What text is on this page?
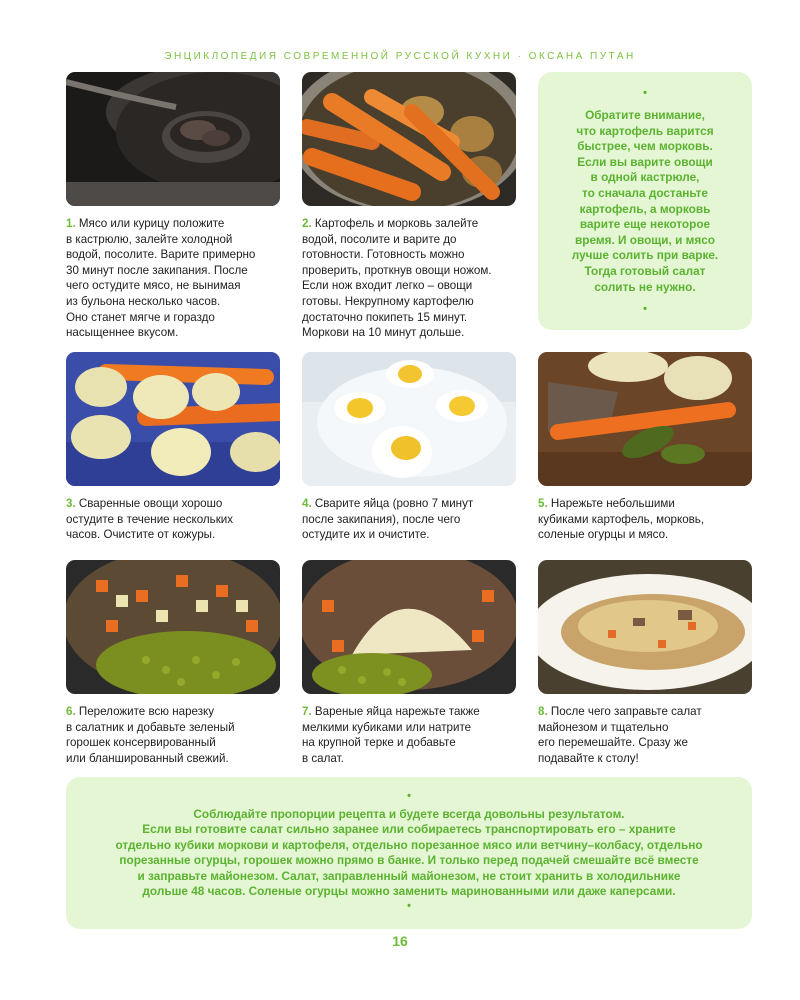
ЭНЦИКЛОПЕДИЯ СОВРЕМЕННОЙ РУССКОЙ КУХНИ · ОКСАНА ПУТАН

•

Обратите внимание,
что картофель варится
быстрее, чем морковь.
Если вы варите овощи
в одной кастрюле,
то сначала достаньте
картофель, а морковь
варите еще некоторое
время. И овощи, и мясо
лучше солить при варке.
Тогда готовый салат
солить не нужно.

•

1. Мясо или курицу положите
в кастрюлю, залейте холодной
водой, посолите. Варите примерно
30 минут после закипания. После
чего остудите мясо, не вынимая
из бульона несколько часов.
Оно станет мягче и гораздо
насыщеннее вкусом.
2. Картофель и морковь залейте
водой, посолите и варите до
готовности. Готовность можно
проверить, проткнув овощи ножом.
Если нож входит легко – овощи
готовы. Некрупному картофелю
достаточно покипеть 15 минут.
Моркови на 10 минут дольше.
3. Сваренные овощи хорошо
остудите в течение нескольких
часов. Очистите от кожуры.
4. Сварите яйца (ровно 7 минут
после закипания), после чего
остудите их и очистите.
5. Нарежьте небольшими
кубиками картофель, морковь,
соленые огурцы и мясо.
6. Переложите всю нарезку
в салатник и добавьте зеленый
горошек консервированный
или бланшированный свежий.
7. Вареные яйца нарежьте также
мелкими кубиками или натрите
на крупной терке и добавьте
в салат.
8. После чего заправьте салат
майонезом и тщательно
его перемешайте. Сразу же
подавайте к столу!

•

Соблюдайте пропорции рецепта и будете всегда довольны результатом.
Если вы готовите салат сильно заранее или собираетесь транспортировать его – храните
отдельно кубики моркови и картофеля, отдельно порезанное мясо или ветчину–колбасу, отдельно
порезанные огурцы, горошек можно прямо в банке. И только перед подачей смешайте всё вместе
и заправьте майонезом. Салат, заправленный майонезом, не стоит хранить в холодильнике
дольше 48 часов. Соленые огурцы можно заменить маринованными или даже каперсами.

•

16
